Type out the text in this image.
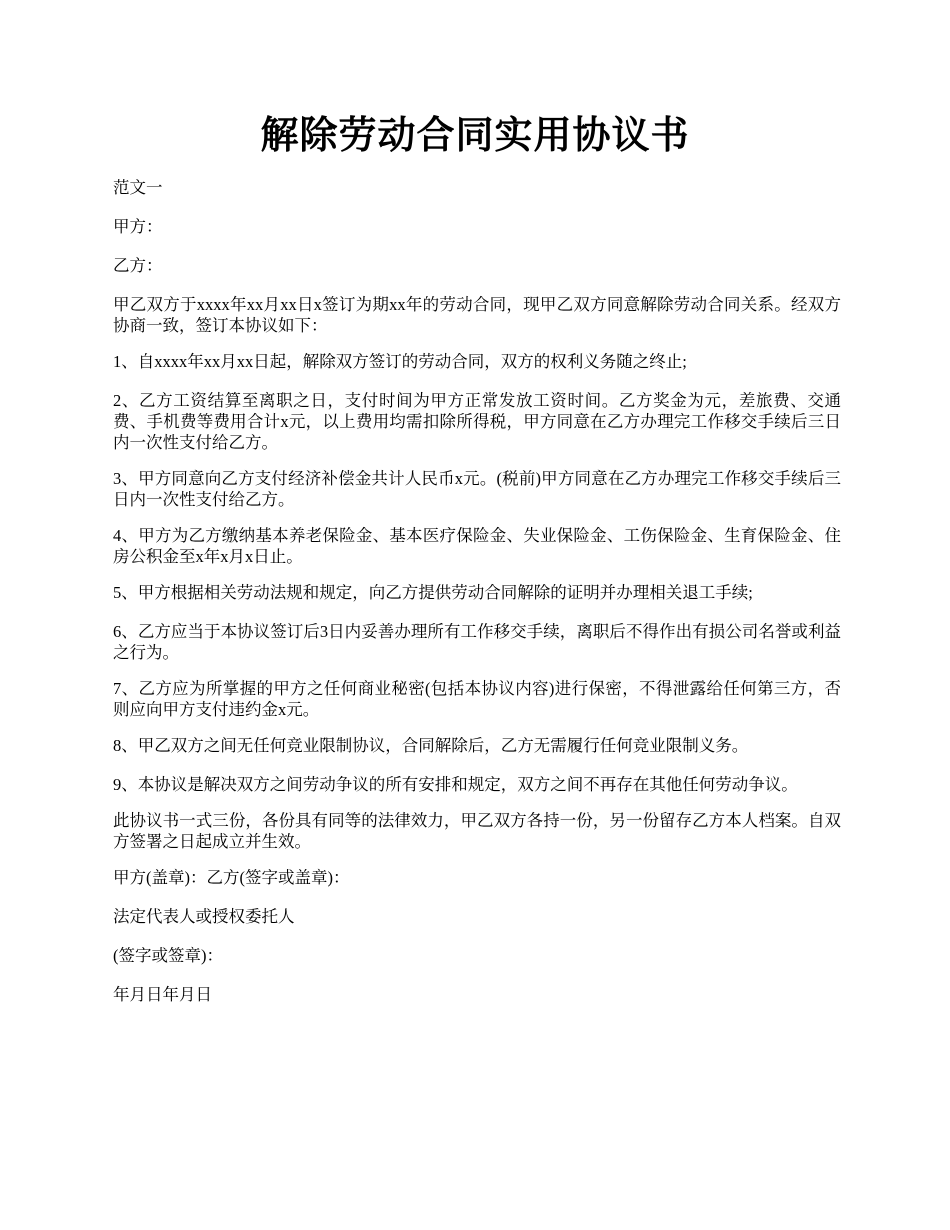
解除劳动合同实用协议书

范文一

甲方：

乙方：

甲乙双方于xxxx年xx月xx日x签订为期xx年的劳动合同，现甲乙双方同意解除劳动合同关系。经双方协商一致，签订本协议如下：

1、自xxxx年xx月xx日起，解除双方签订的劳动合同，双方的权利义务随之终止;

2、乙方工资结算至离职之日，支付时间为甲方正常发放工资时间。乙方奖金为元，差旅费、交通费、手机费等费用合计x元，以上费用均需扣除所得税，甲方同意在乙方办理完工作移交手续后三日内一次性支付给乙方。

3、甲方同意向乙方支付经济补偿金共计人民币x元。(税前)甲方同意在乙方办理完工作移交手续后三日内一次性支付给乙方。

4、甲方为乙方缴纳基本养老保险金、基本医疗保险金、失业保险金、工伤保险金、生育保险金、住房公积金至x年x月x日止。

5、甲方根据相关劳动法规和规定，向乙方提供劳动合同解除的证明并办理相关退工手续;

6、乙方应当于本协议签订后3日内妥善办理所有工作移交手续，离职后不得作出有损公司名誉或利益之行为。

7、乙方应为所掌握的甲方之任何商业秘密(包括本协议内容)进行保密，不得泄露给任何第三方，否则应向甲方支付违约金x元。

8、甲乙双方之间无任何竞业限制协议，合同解除后，乙方无需履行任何竞业限制义务。

9、本协议是解决双方之间劳动争议的所有安排和规定，双方之间不再存在其他任何劳动争议。

此协议书一式三份，各份具有同等的法律效力，甲乙双方各持一份，另一份留存乙方本人档案。自双方签署之日起成立并生效。

甲方(盖章)：乙方(签字或盖章)：

法定代表人或授权委托人

(签字或签章)：

年月日年月日
